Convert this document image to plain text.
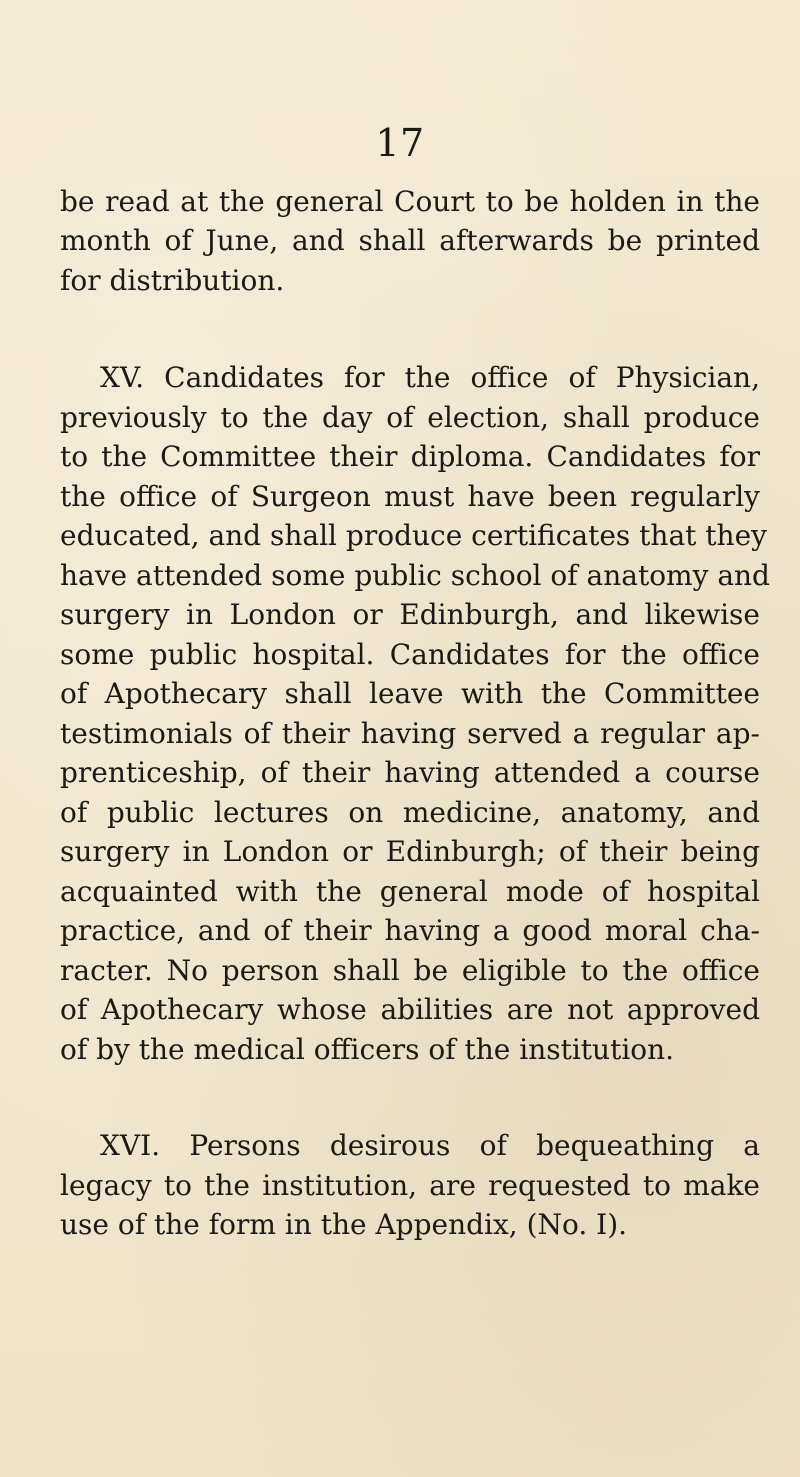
17
be read at the general Court to be holden in the
month of June, and shall afterwards be printed
for distribution.
XV. Candidates for the office of Physician,
previously to the day of election, shall produce
to the Committee their diploma. Candidates for
the office of Surgeon must have been regularly
educated, and shall produce certificates that they
have attended some public school of anatomy and
surgery in London or Edinburgh, and likewise
some public hospital. Candidates for the office
of Apothecary shall leave with the Committee
testimonials of their having served a regular ap-
prenticeship, of their having attended a course
of public lectures on medicine, anatomy, and
surgery in London or Edinburgh; of their being
acquainted with the general mode of hospital
practice, and of their having a good moral cha-
racter. No person shall be eligible to the office
of Apothecary whose abilities are not approved
of by the medical officers of the institution.
XVI. Persons desirous of bequeathing a
legacy to the institution, are requested to make
use of the form in the Appendix, (No. I).
